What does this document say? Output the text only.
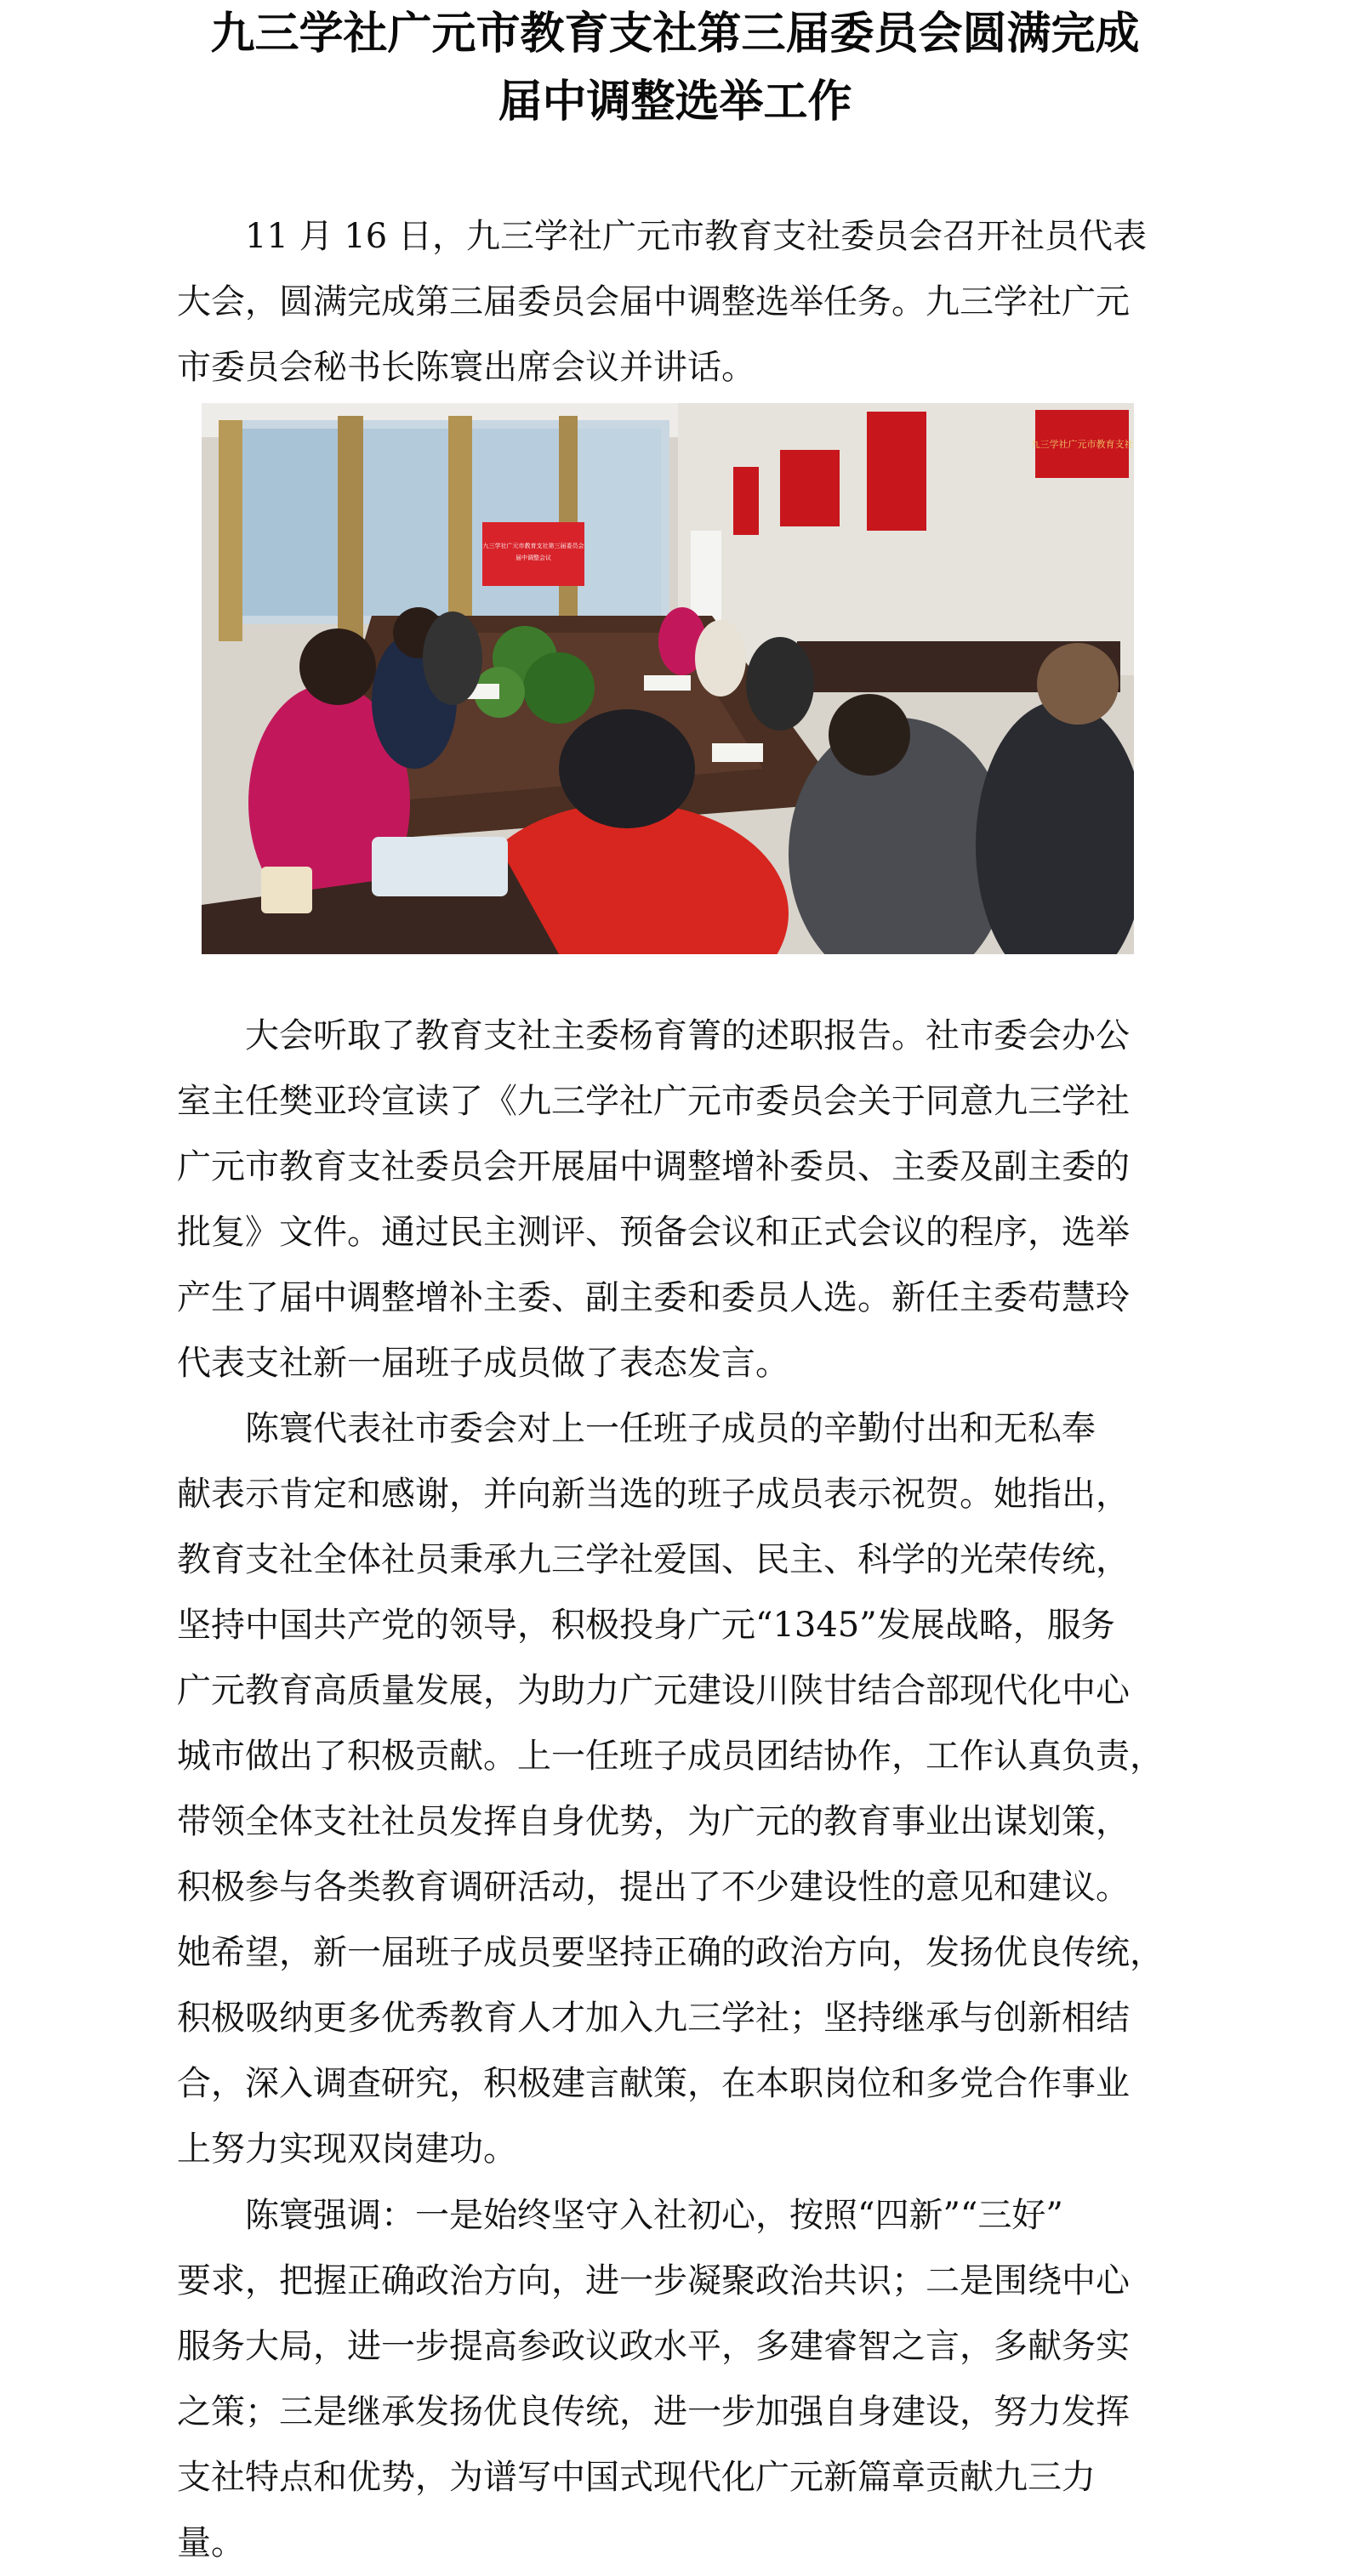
九三学社广元市教育支社第三届委员会圆满完成
届中调整选举工作

11 月 16 日，九三学社广元市教育支社委员会召开社员代表
大会，圆满完成第三届委员会届中调整选举任务。九三学社广元
市委员会秘书长陈寰出席会议并讲话。

九三学社广元市教育支社
九三学社广元市教育支社第三届委员会
届中调整会议

大会听取了教育支社主委杨育箐的述职报告。社市委会办公
室主任樊亚玲宣读了《九三学社广元市委员会关于同意九三学社
广元市教育支社委员会开展届中调整增补委员、主委及副主委的
批复》文件。通过民主测评、预备会议和正式会议的程序，选举
产生了届中调整增补主委、副主委和委员人选。新任主委苟慧玲
代表支社新一届班子成员做了表态发言。

陈寰代表社市委会对上一任班子成员的辛勤付出和无私奉
献表示肯定和感谢，并向新当选的班子成员表示祝贺。她指出，
教育支社全体社员秉承九三学社爱国、民主、科学的光荣传统，
坚持中国共产党的领导，积极投身广元“1345”发展战略，服务
广元教育高质量发展，为助力广元建设川陕甘结合部现代化中心
城市做出了积极贡献。上一任班子成员团结协作，工作认真负责，
带领全体支社社员发挥自身优势，为广元的教育事业出谋划策，
积极参与各类教育调研活动，提出了不少建设性的意见和建议。
她希望，新一届班子成员要坚持正确的政治方向，发扬优良传统，
积极吸纳更多优秀教育人才加入九三学社；坚持继承与创新相结
合，深入调查研究，积极建言献策，在本职岗位和多党合作事业
上努力实现双岗建功。

陈寰强调：一是始终坚守入社初心，按照“四新”“三好”
要求，把握正确政治方向，进一步凝聚政治共识；二是围绕中心
服务大局，进一步提高参政议政水平，多建睿智之言，多献务实
之策；三是继承发扬优良传统，进一步加强自身建设，努力发挥
支社特点和优势，为谱写中国式现代化广元新篇章贡献九三力
量。
